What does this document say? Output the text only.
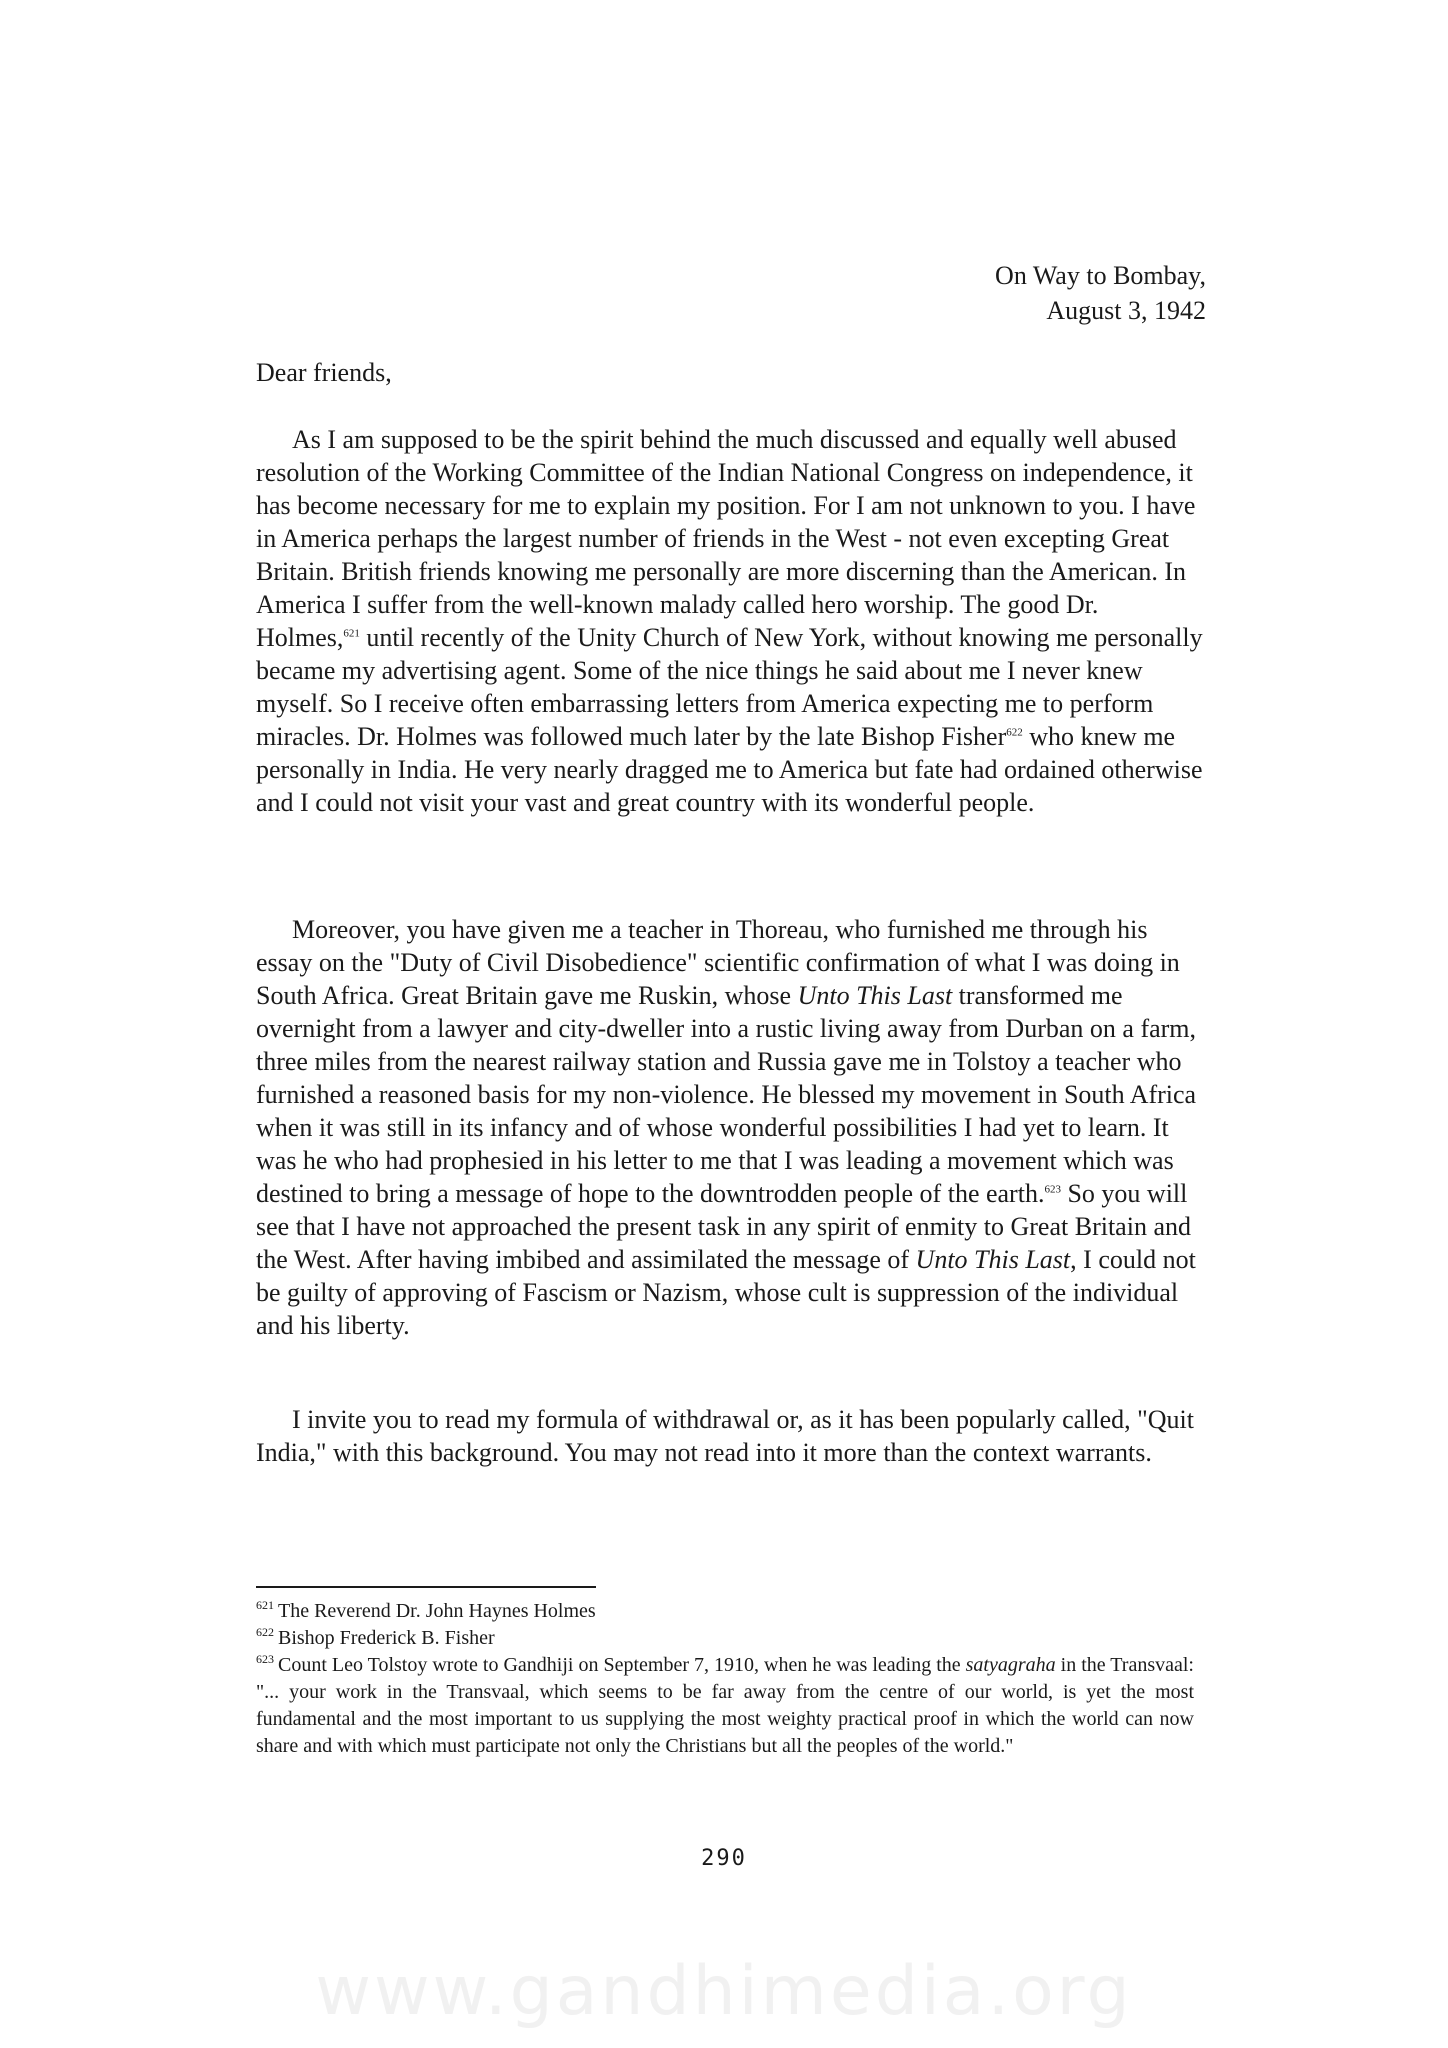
On Way to Bombay,
August 3, 1942
Dear friends,

As I am supposed to be the spirit behind the much discussed and equally well abused resolution of the Working Committee of the Indian National Congress on independence, it has become necessary for me to explain my position. For I am not unknown to you. I have in America perhaps the largest number of friends in the West - not even excepting Great Britain. British friends knowing me personally are more discerning than the American. In America I suffer from the well-known malady called hero worship. The good Dr. Holmes,$^{621}$ until recently of the Unity Church of New York, without knowing me personally became my advertising agent. Some of the nice things he said about me I never knew myself. So I receive often embarrassing letters from America expecting me to perform miracles. Dr. Holmes was followed much later by the late Bishop Fisher$^{622}$ who knew me personally in India. He very nearly dragged me to America but fate had ordained otherwise and I could not visit your vast and great country with its wonderful people.

Moreover, you have given me a teacher in Thoreau, who furnished me through his essay on the "Duty of Civil Disobedience" scientific confirmation of what I was doing in South Africa. Great Britain gave me Ruskin, whose Unto This Last transformed me overnight from a lawyer and city-dweller into a rustic living away from Durban on a farm, three miles from the nearest railway station and Russia gave me in Tolstoy a teacher who furnished a reasoned basis for my non-violence. He blessed my movement in South Africa when it was still in its infancy and of whose wonderful possibilities I had yet to learn. It was he who had prophesied in his letter to me that I was leading a movement which was destined to bring a message of hope to the downtrodden people of the earth.$^{623}$ So you will see that I have not approached the present task in any spirit of enmity to Great Britain and the West. After having imbibed and assimilated the message of Unto This Last, I could not be guilty of approving of Fascism or Nazism, whose cult is suppression of the individual and his liberty.

I invite you to read my formula of withdrawal or, as it has been popularly called, "Quit India," with this background. You may not read into it more than the context warrants.

$^{621}$ The Reverend Dr. John Haynes Holmes

$^{622}$ Bishop Frederick B. Fisher

$^{623}$ Count Leo Tolstoy wrote to Gandhiji on September 7, 1910, when he was leading the satyagraha in the Transvaal: "... your work in the Transvaal, which seems to be far away from the centre of our world, is yet the most fundamental and the most important to us supplying the most weighty practical proof in which the world can now share and with which must participate not only the Christians but all the peoples of the world."

290
www.gandhimedia.org
